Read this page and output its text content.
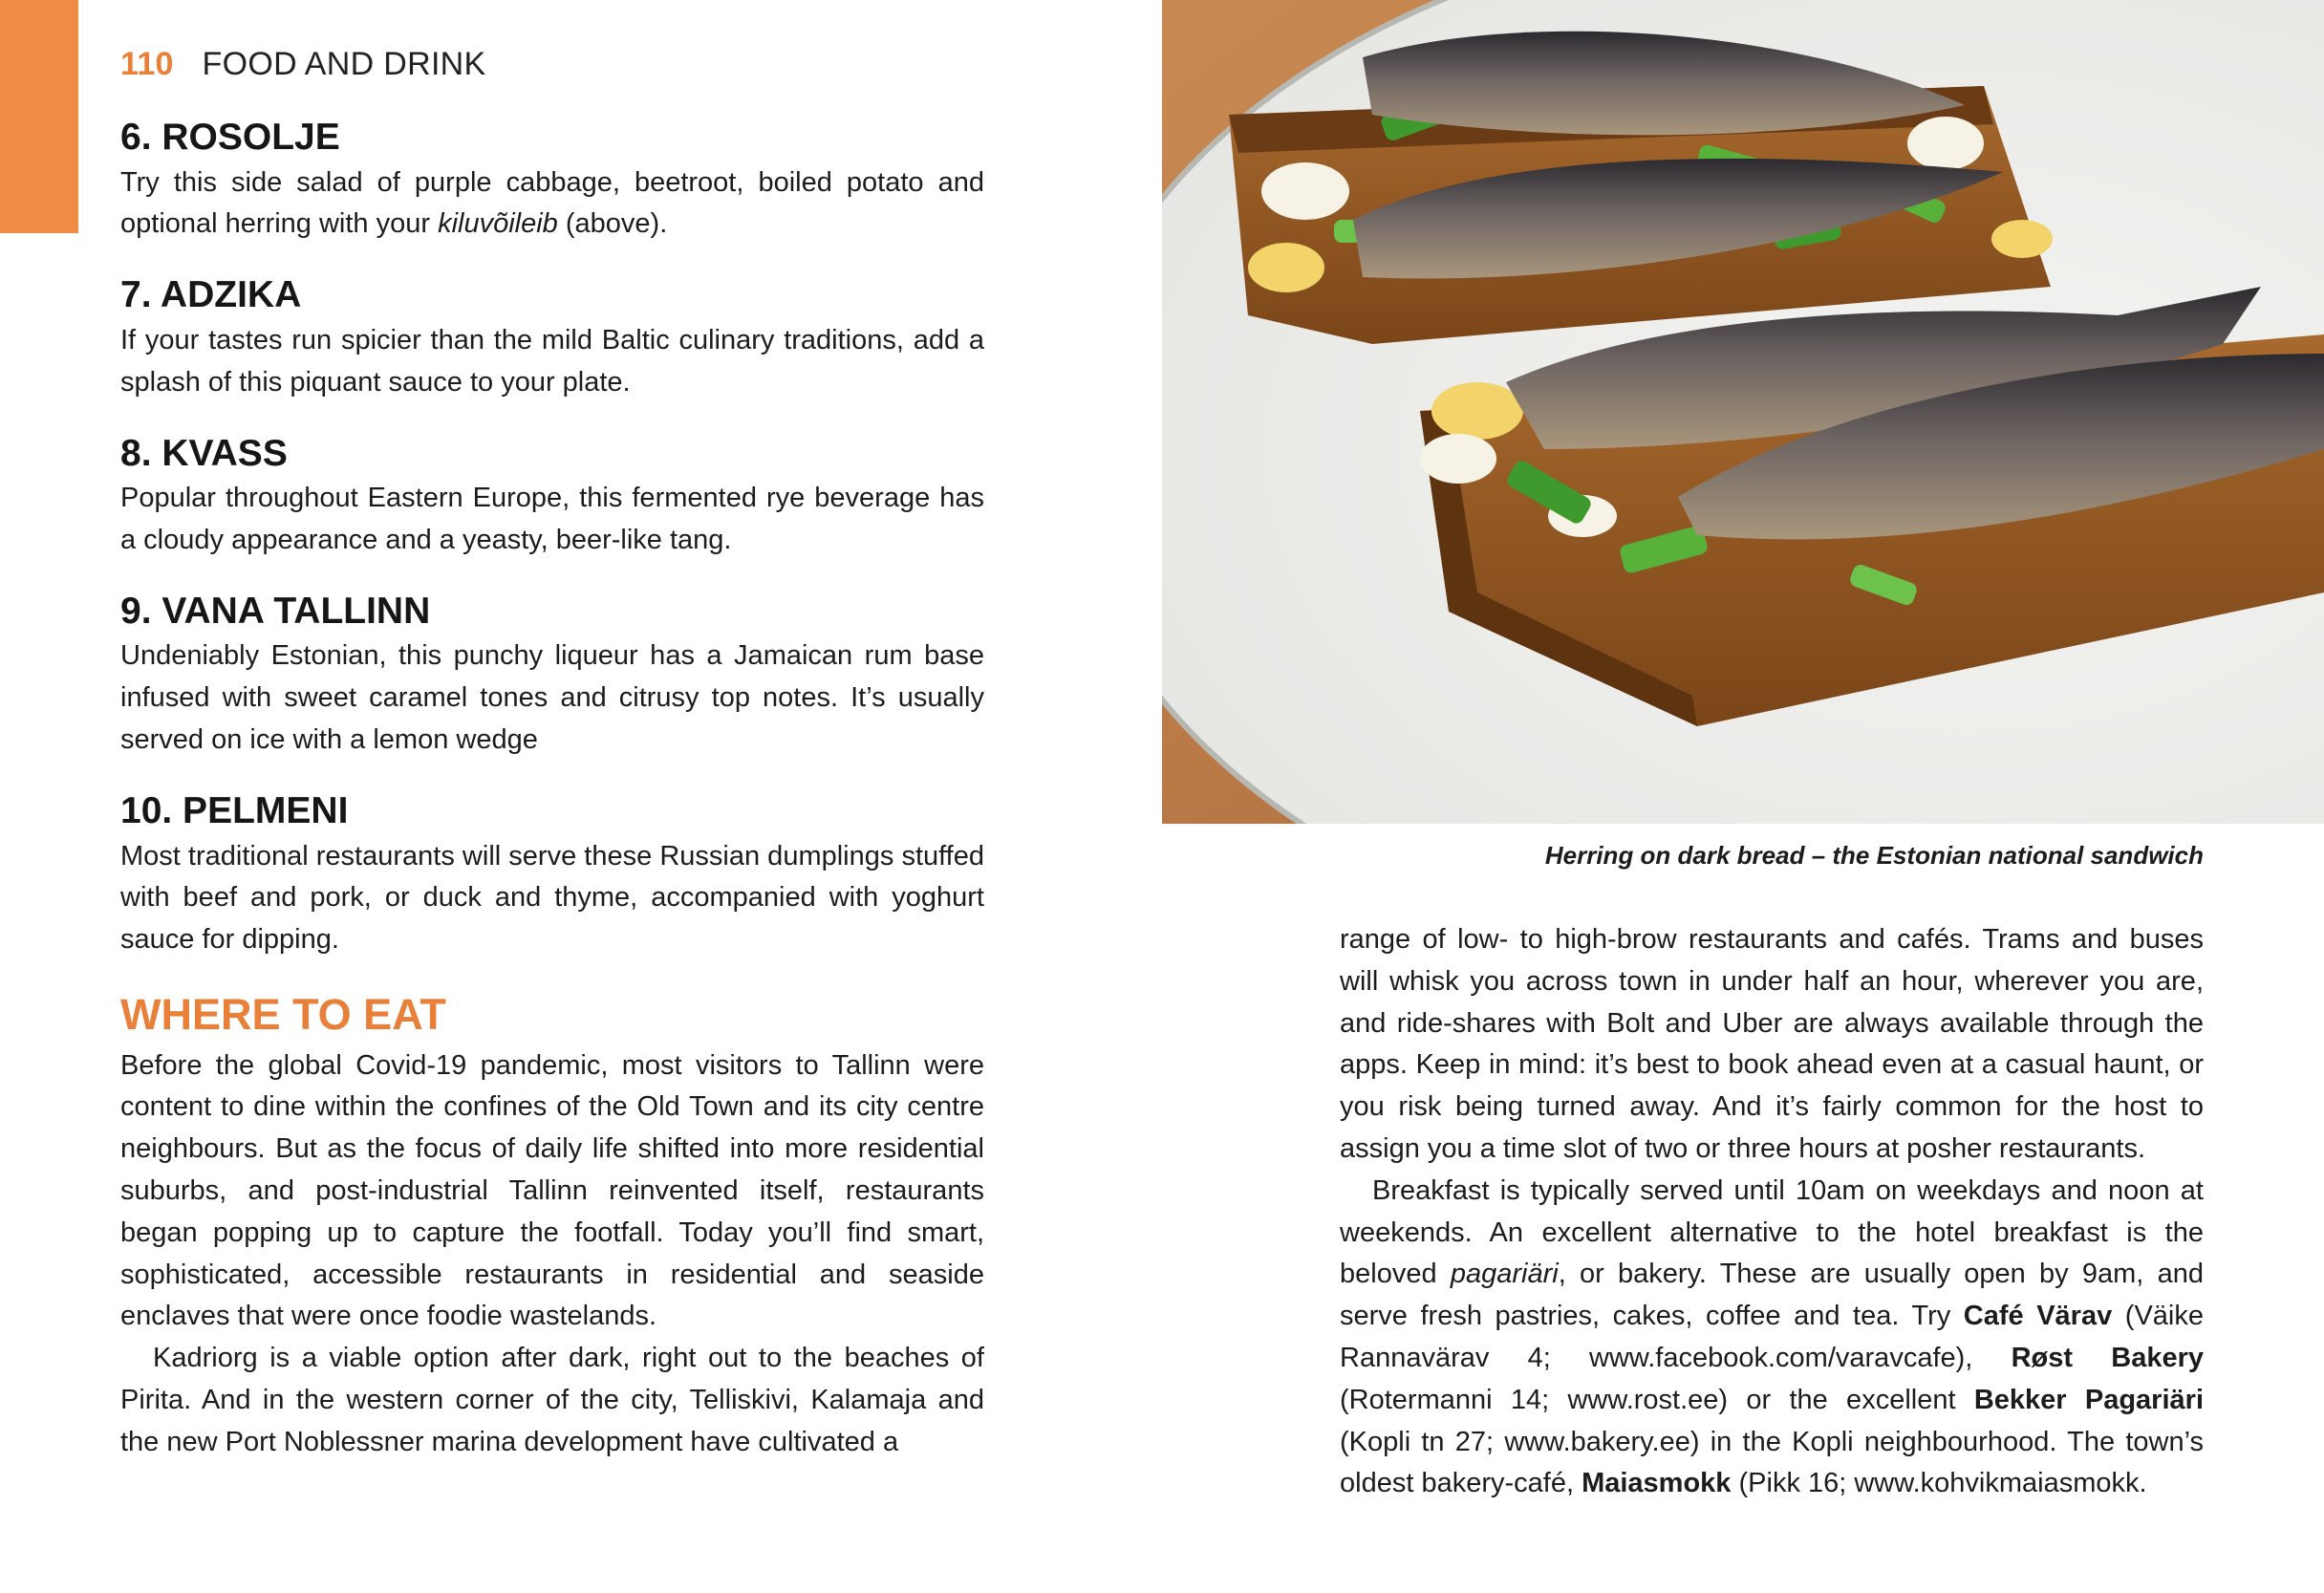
110 FOOD AND DRINK
6. ROSOLJE

Try this side salad of purple cabbage, beetroot, boiled potato and optional herring with your kiluvõileib (above).

7. ADZIKA

If your tastes run spicier than the mild Baltic culinary traditions, add a splash of this piquant sauce to your plate.

8. KVASS

Popular throughout Eastern Europe, this fermented rye beverage has a cloudy appearance and a yeasty, beer-like tang.

9. VANA TALLINN

Undeniably Estonian, this punchy liqueur has a Jamaican rum base infused with sweet caramel tones and citrusy top notes. It’s usually served on ice with a lemon wedge

10. PELMENI

Most traditional restaurants will serve these Russian dumplings stuffed with beef and pork, or duck and thyme, accompanied with yoghurt sauce for dipping.

WHERE TO EAT

Before the global Covid-19 pandemic, most visitors to Tallinn were content to dine within the confines of the Old Town and its city centre neighbours. But as the focus of daily life shifted into more residential suburbs, and post-industrial Tallinn reinvented itself, restaurants began popping up to capture the footfall. Today you’ll find smart, sophisticated, accessible restaurants in residential and seaside enclaves that were once foodie wastelands.

Kadriorg is a viable option after dark, right out to the beaches of Pirita. And in the western corner of the city, Telliskivi, Kalamaja and the new Port Noblessner marina development have cultivated a

Herring on dark bread – the Estonian national sandwich

range of low- to high-brow restaurants and cafés. Trams and buses will whisk you across town in under half an hour, wherever you are, and ride-shares with Bolt and Uber are always available through the apps. Keep in mind: it’s best to book ahead even at a casual haunt, or you risk being turned away. And it’s fairly common for the host to assign you a time slot of two or three hours at posher restaurants.

Breakfast is typically served until 10am on weekdays and noon at weekends. An excellent alternative to the hotel breakfast is the beloved pagariäri, or bakery. These are usually open by 9am, and serve fresh pastries, cakes, coffee and tea. Try Café Värav (Väike Rannavärav 4; www.facebook.com/varavcafe), Røst Bakery (Rotermanni 14; www.rost.ee) or the excellent Bekker Pagariäri (Kopli tn 27; www.bakery.ee) in the Kopli neighbourhood. The town’s oldest bakery-café, Maiasmokk (Pikk 16; www.kohvikmaiasmokk.
